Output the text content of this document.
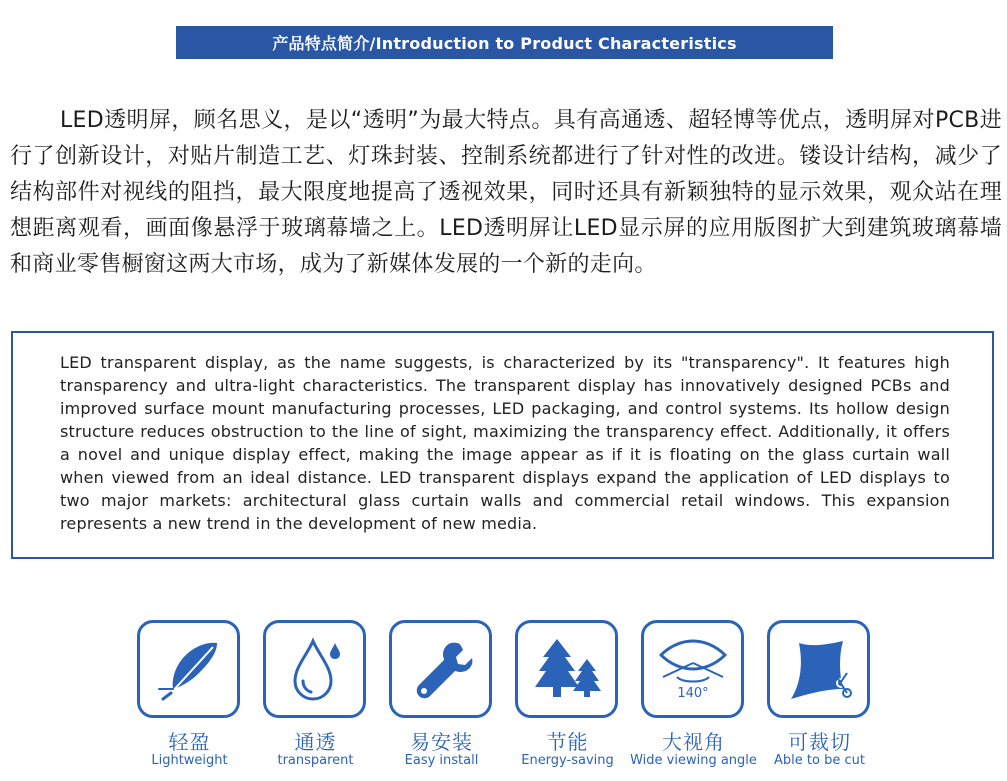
产品特点简介/Introduction to Product Characteristics
LED透明屏，顾名思义，是以“透明”为最大特点。具有高通透、超轻博等优点，透明屏对PCB进行了创新设计，对贴片制造工艺、灯珠封装、控制系统都进行了针对性的改进。镂设计结构，减少了结构部件对视线的阻挡，最大限度地提高了透视效果，同时还具有新颖独特的显示效果，观众站在理想距离观看，画面像悬浮于玻璃幕墙之上。LED透明屏让LED显示屏的应用版图扩大到建筑玻璃幕墙和商业零售橱窗这两大市场，成为了新媒体发展的一个新的走向。
LED transparent display, as the name suggests, is characterized by its "transparency". It features high transparency and ultra-light characteristics. The transparent display has innovatively designed PCBs and improved surface mount manufacturing processes, LED packaging, and control systems. Its hollow design structure reduces obstruction to the line of sight, maximizing the transparency effect. Additionally, it offers a novel and unique display effect, making the image appear as if it is floating on the glass curtain wall when viewed from an ideal distance. LED transparent displays expand the application of LED displays to two major markets: architectural glass curtain walls and commercial retail windows. This expansion represents a new trend in the development of new media.
轻盈
Lightweight
通透
transparent
易安装
Easy install
节能
Energy-saving
140°
大视角
Wide viewing angle
可裁切
Able to be cut
